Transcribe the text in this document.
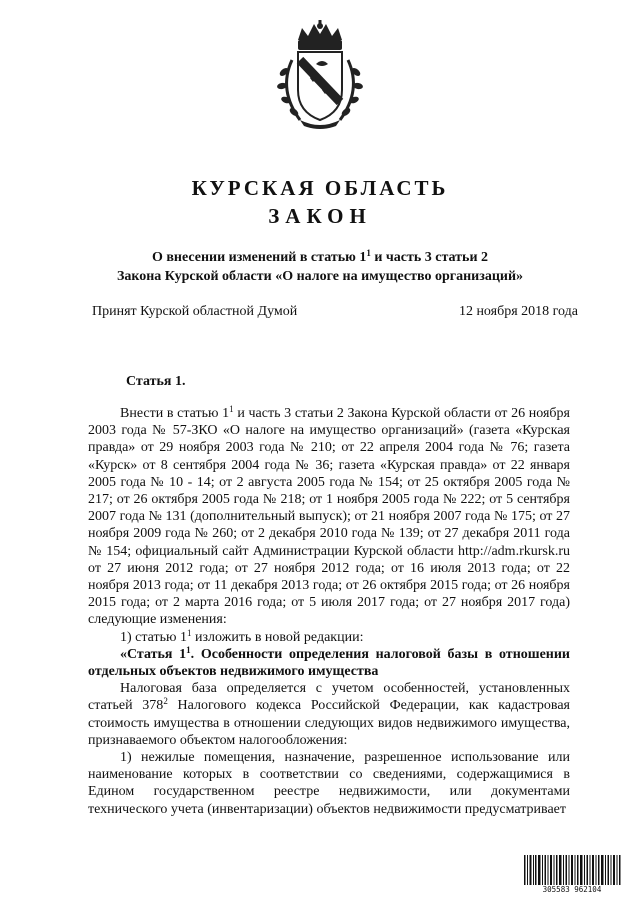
КУРСКАЯ ОБЛАСТЬ
ЗАКОН
О внесении изменений в статью $1^1$ и часть 3 статьи 2
Закона Курской области «О налоге на имущество организаций»
Принят Курской областной Думой	12 ноября 2018 года
Статья 1.

Внести в статью $1^1$ и часть 3 статьи 2 Закона Курской области от 26 ноября 2003 года № 57-ЗКО «О налоге на имущество организаций» (газета «Курская правда» от 29 ноября 2003 года № 210; от 22 апреля 2004 года № 76; газета «Курск» от 8 сентября 2004 года № 36; газета «Курская правда» от 22 января 2005 года № 10 - 14; от 2 августа 2005 года № 154; от 25 октября 2005 года № 217; от 26 октября 2005 года № 218; от 1 ноября 2005 года № 222; от 5 сентября 2007 года № 131 (дополнительный выпуск); от 21 ноября 2007 года № 175; от 27 ноября 2009 года № 260; от 2 декабря 2010 года № 139; от 27 декабря 2011 года № 154; официальный сайт Администрации Курской области http://adm.rkursk.ru от 27 июня 2012 года; от 27 ноября 2012 года; от 16 июля 2013 года; от 22 ноября 2013 года; от 11 декабря 2013 года; от 26 октября 2015 года; от 26 ноября 2015 года; от 2 марта 2016 года; от 5 июля 2017 года; от 27 ноября 2017 года) следующие изменения:

1) статью $1^1$ изложить в новой редакции:

«Статья $1^1$. Особенности определения налоговой базы в отношении отдельных объектов недвижимого имущества

Налоговая база определяется с учетом особенностей, установленных статьей $378^2$ Налогового кодекса Российской Федерации, как кадастровая стоимость имущества в отношении следующих видов недвижимого имущества, признаваемого объектом налогообложения:

1) нежилые помещения, назначение, разрешенное использование или наименование которых в соответствии со сведениями, содержащимися в Едином государственном реестре недвижимости, или документами технического учета (инвентаризации) объектов недвижимости предусматривает

305583 962104
